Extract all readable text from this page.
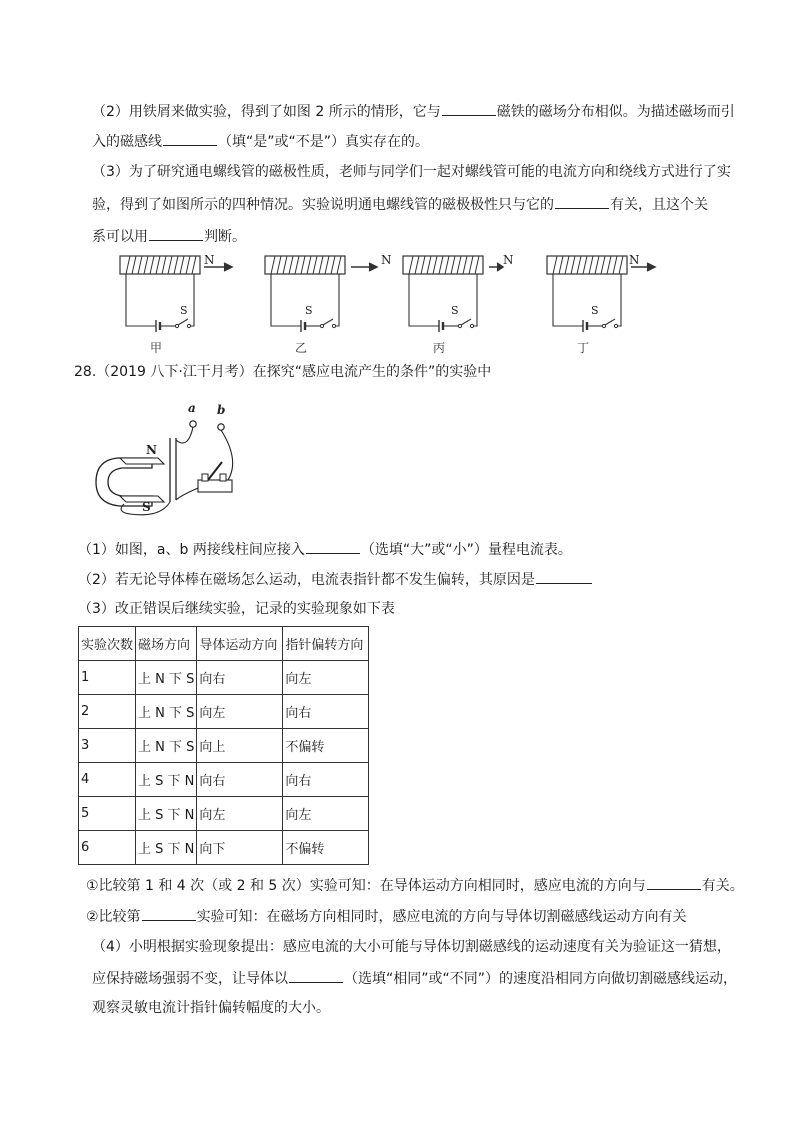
（2）用铁屑来做实验，得到了如图 2 所示的情形，它与	磁铁的磁场分布相似。为描述磁场而引
入的磁感线	（填“是”或“不是”）真实存在的。
（3）为了研究通电螺线管的磁极性质，老师与同学们一起对螺线管可能的电流方向和绕线方式进行了实
验，得到了如图所示的四种情况。实验说明通电螺线管的磁极极性只与它的	有关，且这个关
系可以用	判断。
N
S
甲
N
S
乙
N
S
丙
N
S
丁
28.（2019 八下·江干月考）在探究“感应电流产生的条件”的实验中
a b
N
S
（1）如图，a、b 两接线柱间应接入	（选填“大”或“小”）量程电流表。
（2）若无论导体棒在磁场怎么运动，电流表指针都不发生偏转，其原因是
（3）改正错误后继续实验，记录的实验现象如下表
实验次数	磁场方向	导体运动方向	指针偏转方向
1	上 N 下 S	向右	向左
2	上 N 下 S	向左	向右
3	上 N 下 S	向上	不偏转
4	上 S 下 N	向右	向右
5	上 S 下 N	向左	向左
6	上 S 下 N	向下	不偏转
①比较第 1 和 4 次（或 2 和 5 次）实验可知：在导体运动方向相同时，感应电流的方向与	有关。
②比较第	实验可知：在磁场方向相同时，感应电流的方向与导体切割磁感线运动方向有关
（4）小明根据实验现象提出：感应电流的大小可能与导体切割磁感线的运动速度有关为验证这一猜想，
应保持磁场强弱不变，让导体以	（选填“相同”或“不同”）的速度沿相同方向做切割磁感线运动，
观察灵敏电流计指针偏转幅度的大小。
